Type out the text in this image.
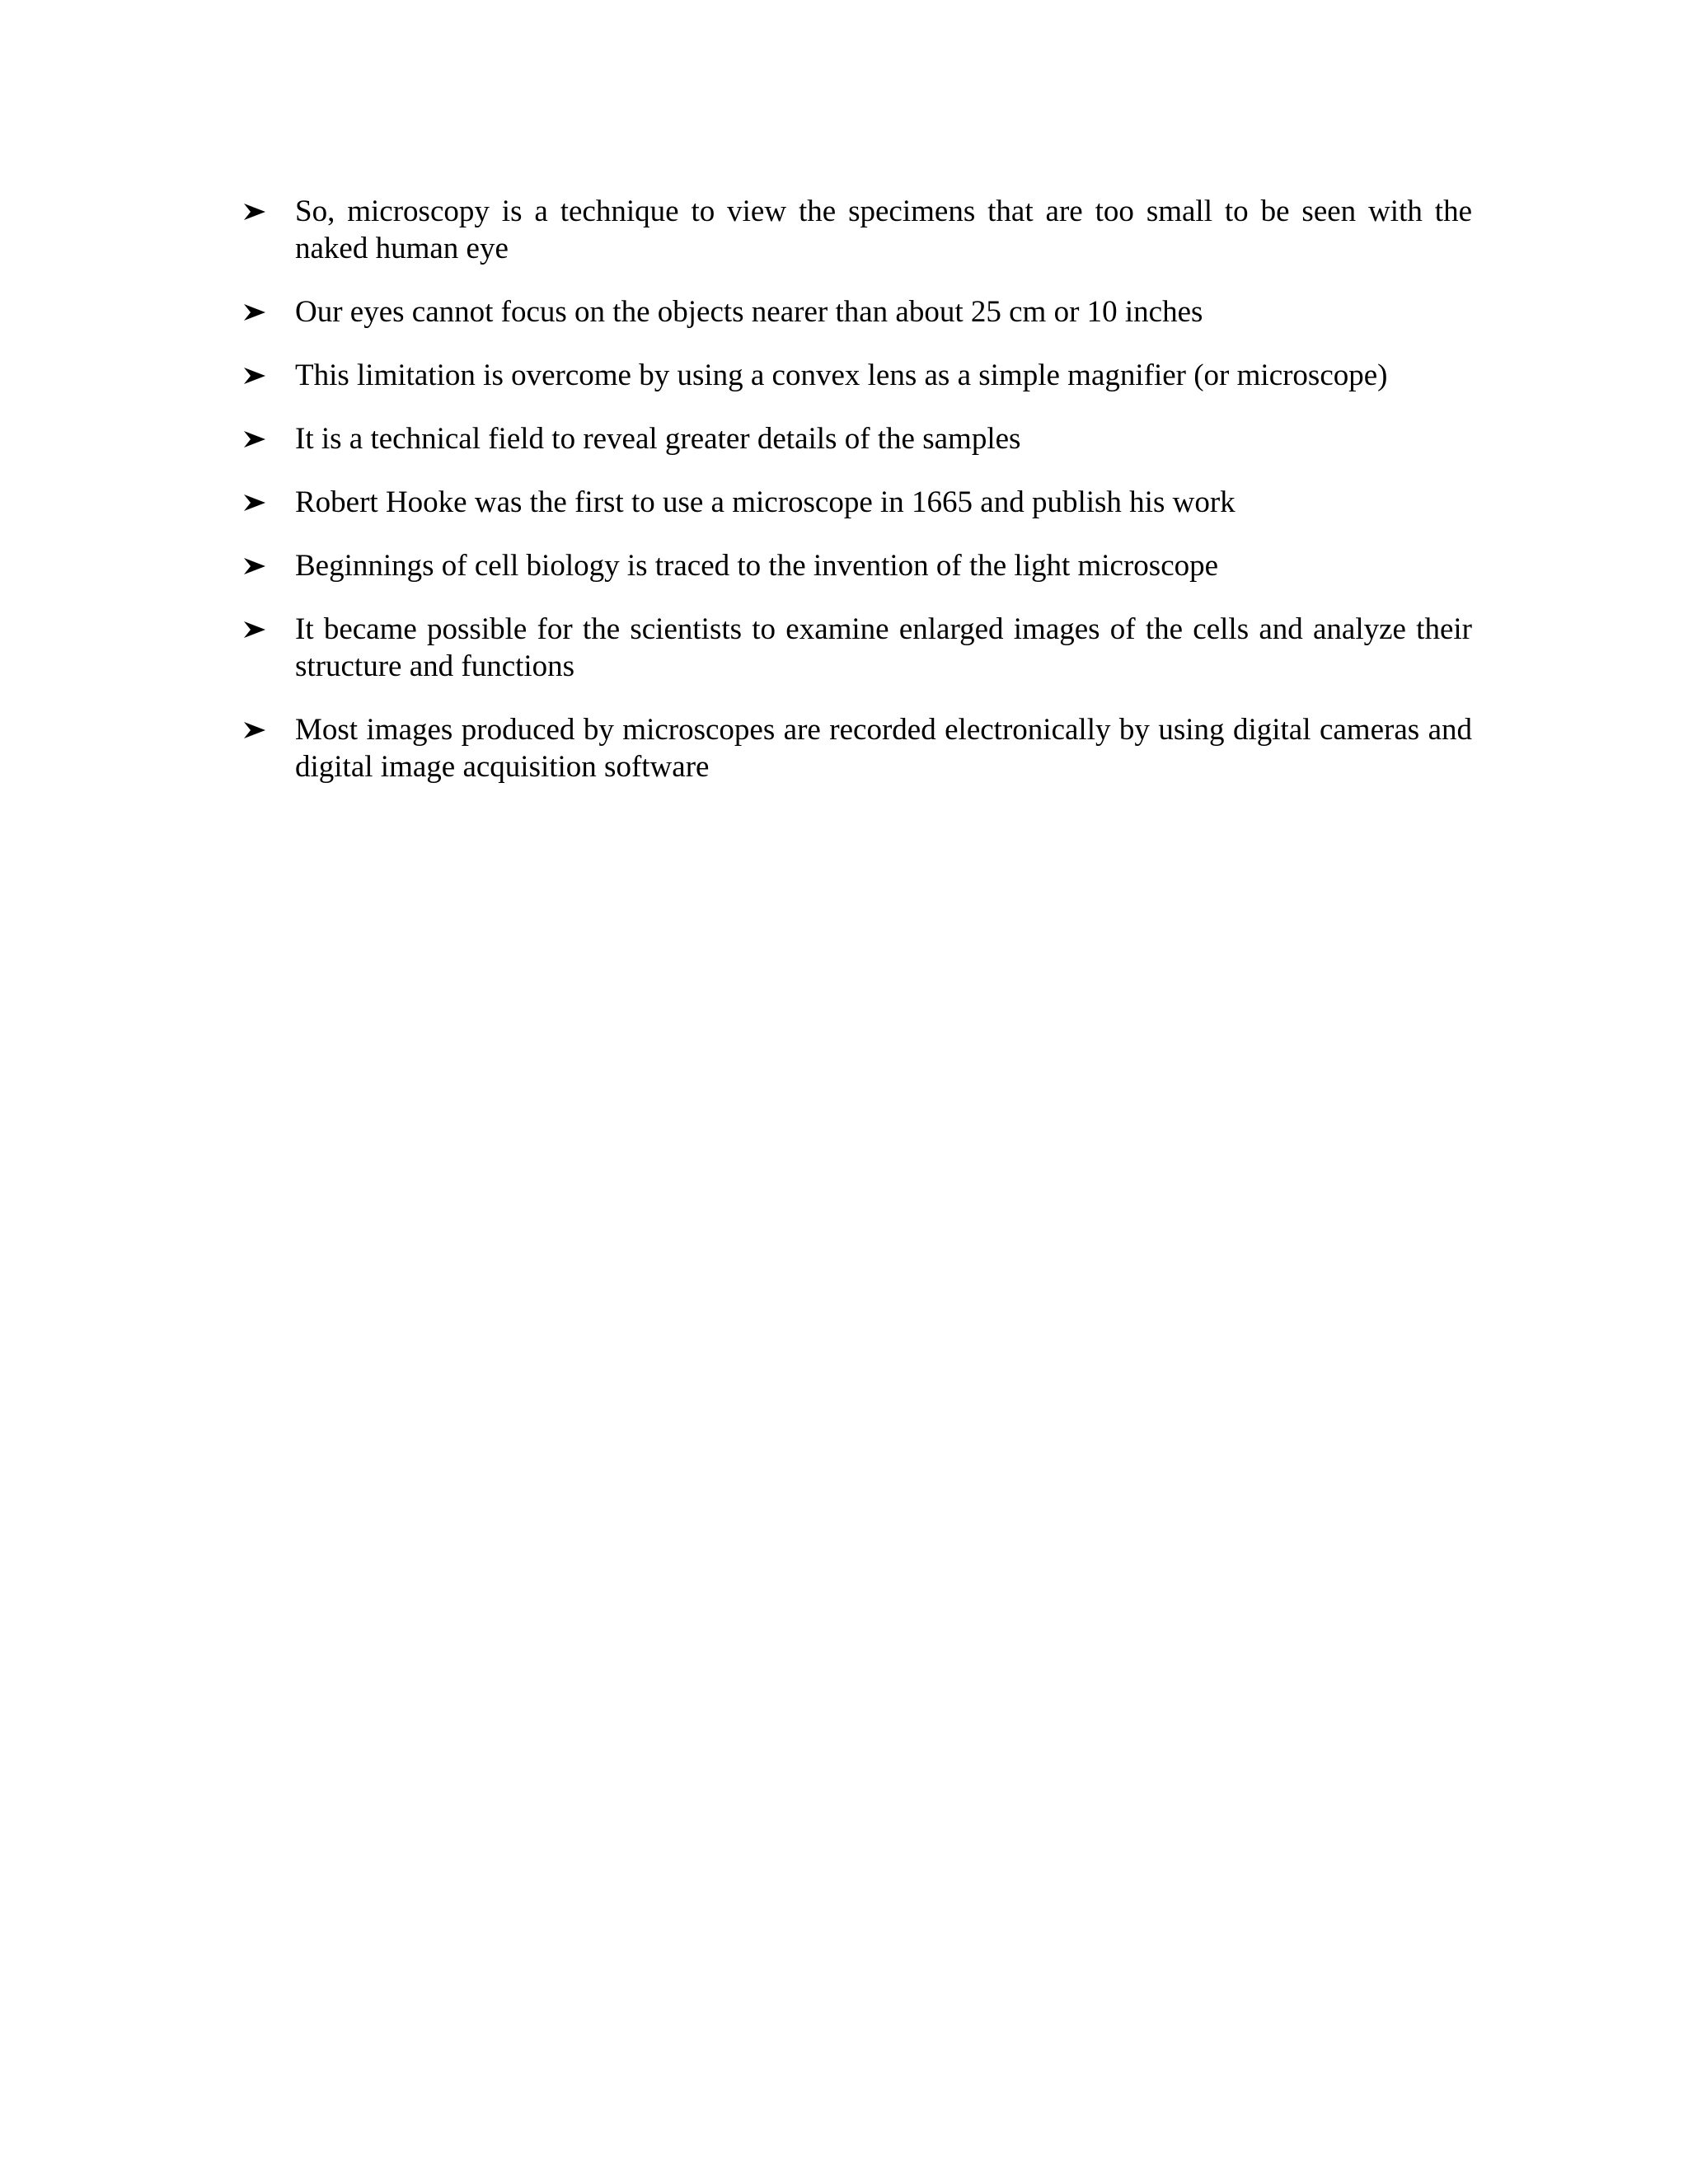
So, microscopy is a technique to view the specimens that are too small to be seen with the naked human eye
Our eyes cannot focus on the objects nearer than about 25 cm or 10 inches
This limitation is overcome by using a convex lens as a simple magnifier (or microscope)
It is a technical field to reveal greater details of the samples
Robert Hooke was the first to use a microscope in 1665 and publish his work
Beginnings of cell biology is traced to the invention of the light microscope
It became possible for the scientists to examine enlarged images of the cells and analyze their structure and functions
Most images produced by microscopes are recorded electronically by using digital cameras and digital image acquisition software
